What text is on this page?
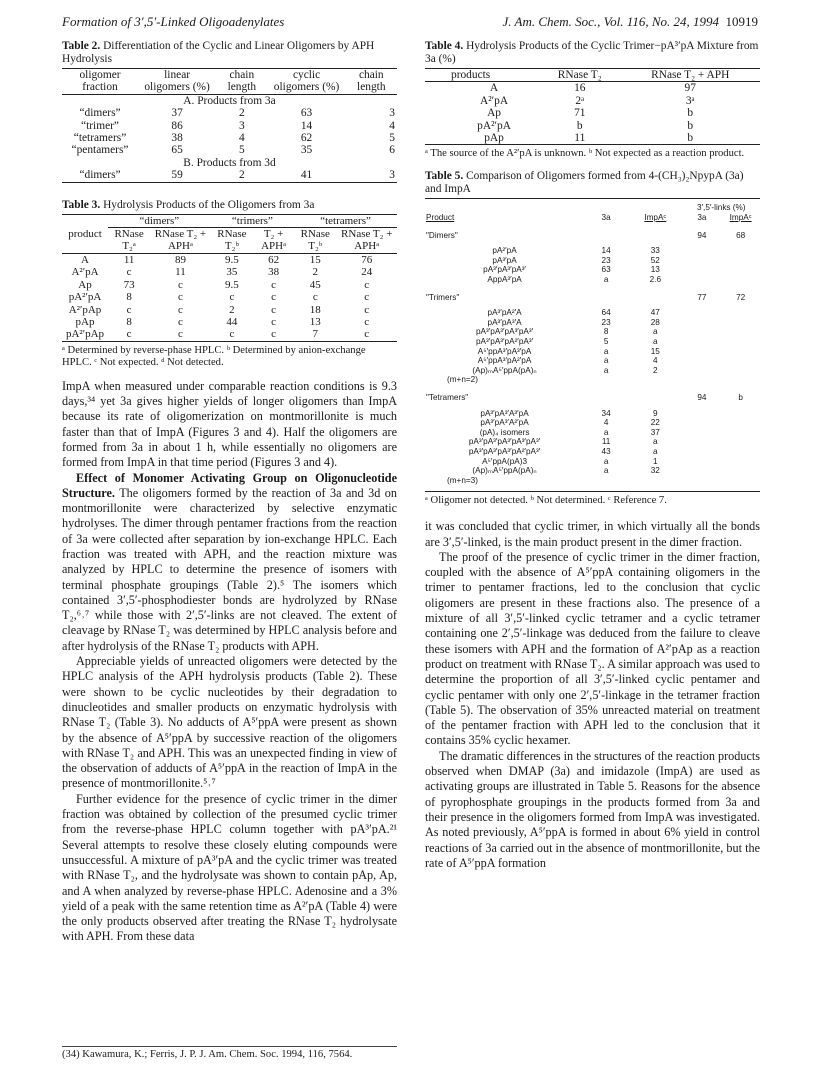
Formation of 3′,5′-Linked Oligoadenylates	J. Am. Chem. Soc., Vol. 116, No. 24, 1994 10919
Table 2. Differentiation of the Cyclic and Linear Oligomers by APH Hydrolysis
oligomer fraction	linear oligomers (%)	chain length	cyclic oligomers (%)	chain length
A. Products from 3a				
“dimers”	37	2	63	3
“trimer”	86	3	14	4
“tetramers”	38	4	62	5
“pentamers”	65	5	35	6
B. Products from 3d				
“dimers”	59	2	41	3
Table 3. Hydrolysis Products of the Oligomers from 3a
	“dimers”		“trimers”		“tetramers”	
product	RNase T₂ᵃ	RNase T₂ + APHᵃ	RNase T₂ᵇ	T₂ + APHᵃ	RNase T₂ᵇ	RNase T₂ + APHᵃ
A	11	89	9.5	62	15	76
A²′pA	c	11	35	38	2	24
Ap	73	c	9.5	c	45	c
pA²′pA	8	c	c	c	c	c
A²′pAp	c	c	2	c	18	c
pAp	8	c	44	c	13	c
pA²′pAp	c	c	c	c	7	c
ᵃ Determined by reverse-phase HPLC. ᵇ Determined by anion-exchange HPLC. ᶜ Not expected. ᵈ Not detected.

ImpA when measured under comparable reaction conditions is 9.3 days,³⁴ yet 3a gives higher yields of longer oligomers than ImpA because its rate of oligomerization on montmorillonite is much faster than that of ImpA (Figures 3 and 4). Half the oligomers are formed from 3a in about 1 h, while essentially no oligomers are formed from ImpA in that time period (Figures 3 and 4).

Effect of Monomer Activating Group on Oligonucleotide Structure. The oligomers formed by the reaction of 3a and 3d on montmorillonite were characterized by selective enzymatic hydrolyses. The dimer through pentamer fractions from the reaction of 3a were collected after separation by ion-exchange HPLC. Each fraction was treated with APH, and the reaction mixture was analyzed by HPLC to determine the presence of isomers with terminal phosphate groupings (Table 2).⁵ The isomers which contained 3′,5′-phosphodiester bonds are hydrolyzed by RNase T₂,⁶˒⁷ while those with 2′,5′-links are not cleaved. The extent of cleavage by RNase T₂ was determined by HPLC analysis before and after hydrolysis of the RNase T₂ products with APH.

Appreciable yields of unreacted oligomers were detected by the HPLC analysis of the APH hydrolysis products (Table 2). These were shown to be cyclic nucleotides by their degradation to dinucleotides and smaller products on enzymatic hydrolysis with RNase T₂ (Table 3). No adducts of A⁵′ppA were present as shown by the absence of A⁵′ppA by successive reaction of the oligomers with RNase T₂ and APH. This was an unexpected finding in view of the observation of adducts of A⁵′ppA in the reaction of ImpA in the presence of montmorillonite.⁵˒⁷

Further evidence for the presence of cyclic trimer in the dimer fraction was obtained by collection of the presumed cyclic trimer from the reverse-phase HPLC column together with pA³′pA.²¹ Several attempts to resolve these closely eluting compounds were unsuccessful. A mixture of pA³′pA and the cyclic trimer was treated with RNase T₂, and the hydrolysate was shown to contain pAp, Ap, and A when analyzed by reverse-phase HPLC. Adenosine and a 3% yield of a peak with the same retention time as A²′pA (Table 4) were the only products observed after treating the RNase T₂ hydrolysate with APH. From these data

(34) Kawamura, K.; Ferris, J. P. J. Am. Chem. Soc. 1994, 116, 7564.
Table 4. Hydrolysis Products of the Cyclic Trimer−pA³′pA Mixture from 3a (%)
products	RNase T₂	RNase T₂ + APH
A	16	97
A²′pA	2ᵃ	3ᵃ
Ap	71	b
pA²′pA	b	b
pAp	11	b
ᵃ The source of the A²′pA is unknown. ᵇ Not expected as a reaction product.
Table 5. Comparison of Oligomers formed from 4-(CH₃)₂NpypA (3a) and ImpA
			3′,5′-links (%)	
Product	3a	ImpAᶜ	3a	ImpAᶜ
"Dimers"			94	68

pA²′pA	14	33		
pA³′pA	23	52		
pA³′pA³′pA³′	63	13		
AppA³′pA	a	2.6		
"Trimers"			77	72

pA³′pA²′A	64	47		
pA³′pA³′A	23	28		
pA³′pA³′pA³′pA³′	8	a		
pA³′pA³′pA²′pA³′	5	a		
A⁵′ppA³′pA³′pA	a	15		
A⁵′ppA³′pA²′pA	a	4		
(Ap)ₘA⁵′ppA(pA)ₙ	a	2		
(m+n=2)				
"Tetramers"			94	b

pA³′pA³′A³′pA	34	9		
pA³′pA³′A²′pA	4	22		
(pA)₄ isomers	a	37		
pA³′pA³′pA³′pA³′pA³′	11	a		
pA³′pA³′pA³′pA²′pA³′	43	a		
A⁵′ppA(pA)3	a	1		
(Ap)ₘA⁵′ppA(pA)ₙ	a	32		
(m+n=3)				
ᵃ Oligomer not detected. ᵇ Not determined. ᶜ Reference 7.

it was concluded that cyclic trimer, in which virtually all the bonds are 3′,5′-linked, is the main product present in the dimer fraction.

The proof of the presence of cyclic trimer in the dimer fraction, coupled with the absence of A⁵′ppA containing oligomers in the trimer to pentamer fractions, led to the conclusion that cyclic oligomers are present in these fractions also. The presence of a mixture of all 3′,5′-linked cyclic tetramer and a cyclic tetramer containing one 2′,5′-linkage was deduced from the failure to cleave these isomers with APH and the formation of A²′pAp as a reaction product on treatment with RNase T₂. A similar approach was used to determine the proportion of all 3′,5′-linked cyclic pentamer and cyclic pentamer with only one 2′,5′-linkage in the tetramer fraction (Table 5). The observation of 35% unreacted material on treatment of the pentamer fraction with APH led to the conclusion that it contains 35% cyclic hexamer.

The dramatic differences in the structures of the reaction products observed when DMAP (3a) and imidazole (ImpA) are used as activating groups are illustrated in Table 5. Reasons for the absence of pyrophosphate groupings in the products formed from 3a and their presence in the oligomers formed from ImpA was investigated. As noted previously, A⁵′ppA is formed in about 6% yield in control reactions of 3a carried out in the absence of montmorillonite, but the rate of A⁵′ppA formation
